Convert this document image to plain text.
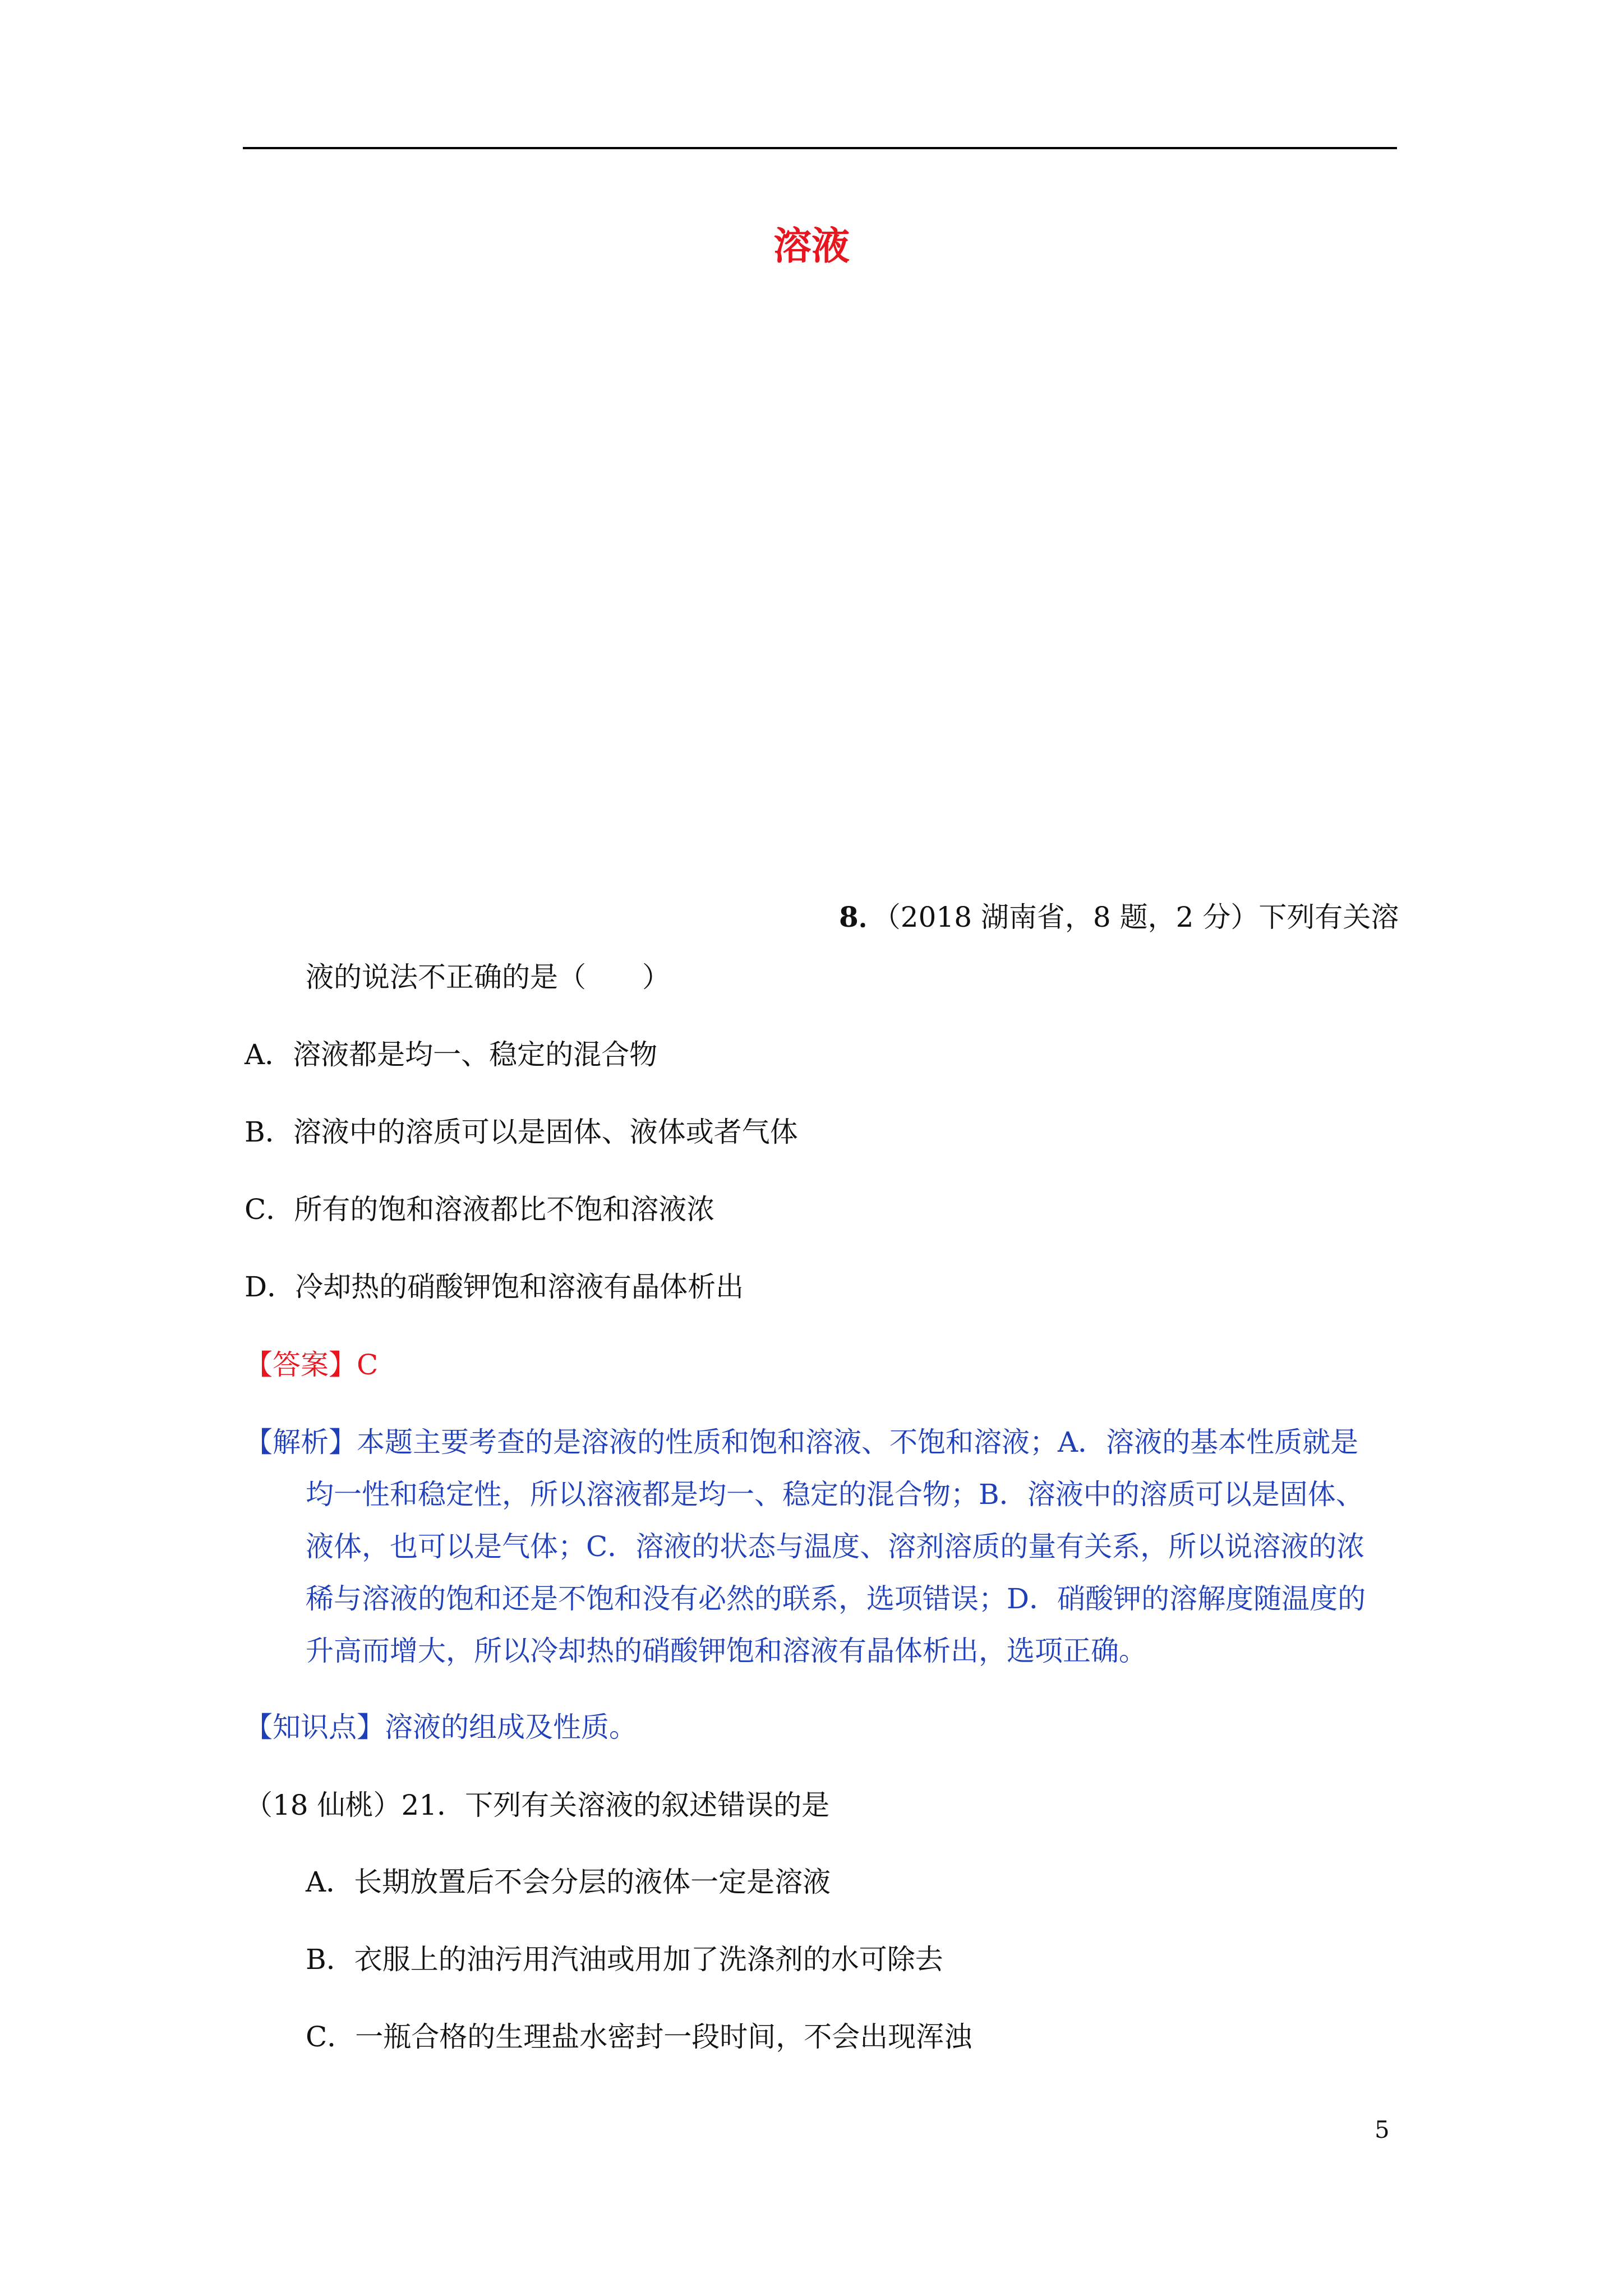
溶液
8．（2018 湖南省，8 题，2 分）下列有关溶
液的说法不正确的是（　　）
A．溶液都是均一、稳定的混合物
B．溶液中的溶质可以是固体、液体或者气体
C．所有的饱和溶液都比不饱和溶液浓
D．冷却热的硝酸钾饱和溶液有晶体析出
【答案】C
【解析】本题主要考查的是溶液的性质和饱和溶液、不饱和溶液；A．溶液的基本性质就是
均一性和稳定性，所以溶液都是均一、稳定的混合物；B．溶液中的溶质可以是固体、
液体，也可以是气体；C．溶液的状态与温度、溶剂溶质的量有关系，所以说溶液的浓
稀与溶液的饱和还是不饱和没有必然的联系，选项错误；D．硝酸钾的溶解度随温度的
升高而增大，所以冷却热的硝酸钾饱和溶液有晶体析出，选项正确。
【知识点】溶液的组成及性质。
（18 仙桃）21．下列有关溶液的叙述错误的是
A．长期放置后不会分层的液体一定是溶液
B．衣服上的油污用汽油或用加了洗涤剂的水可除去
C．一瓶合格的生理盐水密封一段时间，不会出现浑浊
5
